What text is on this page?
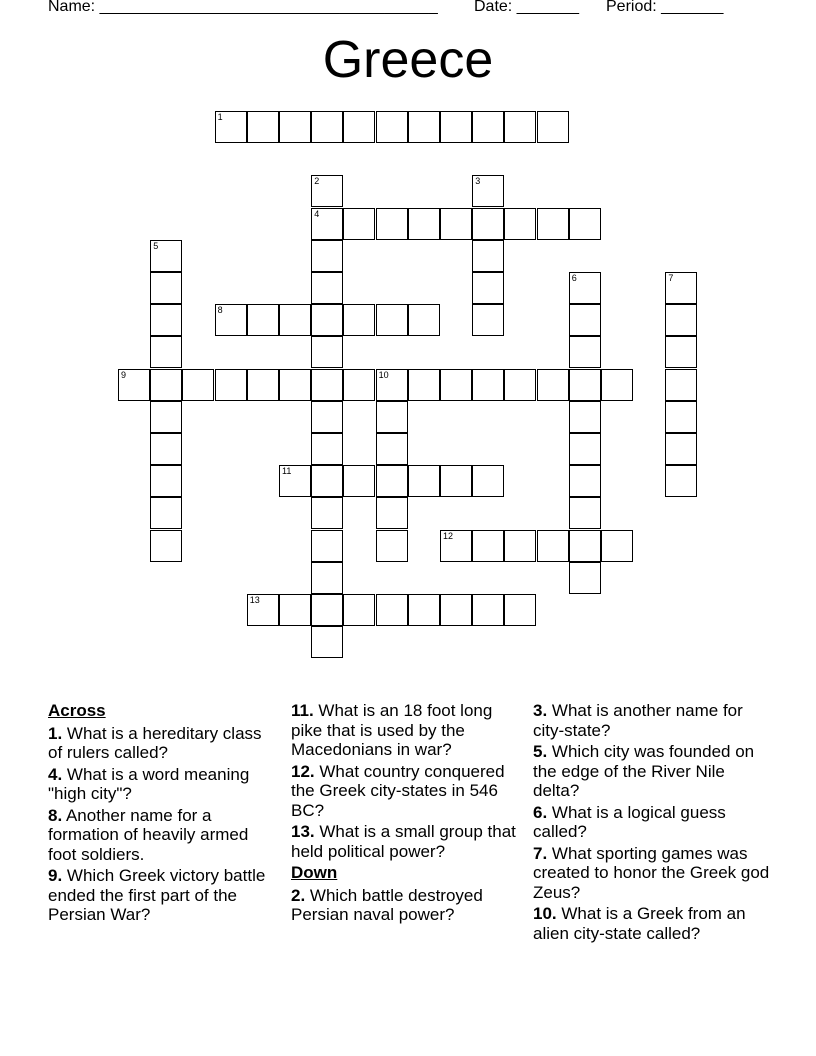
Name: ______________________________________ Date: _______ Period: _______
Greece
1
2
4
3
5
6	7
8
9	10
11
12
13
Across
1. What is a hereditary class of rulers called?
4. What is a word meaning "high city"?
8. Another name for a formation of heavily armed foot soldiers.
9. Which Greek victory battle ended the first part of the Persian War?
11. What is an 18 foot long pike that is used by the Macedonians in war?
12. What country conquered the Greek city-states in 546 BC?
13. What is a small group that held political power?
Down
2. Which battle destroyed Persian naval power?
3. What is another name for city-state?
5. Which city was founded on the edge of the River Nile delta?
6. What is a logical guess called?
7. What sporting games was created to honor the Greek god Zeus?
10. What is a Greek from an alien city-state called?
